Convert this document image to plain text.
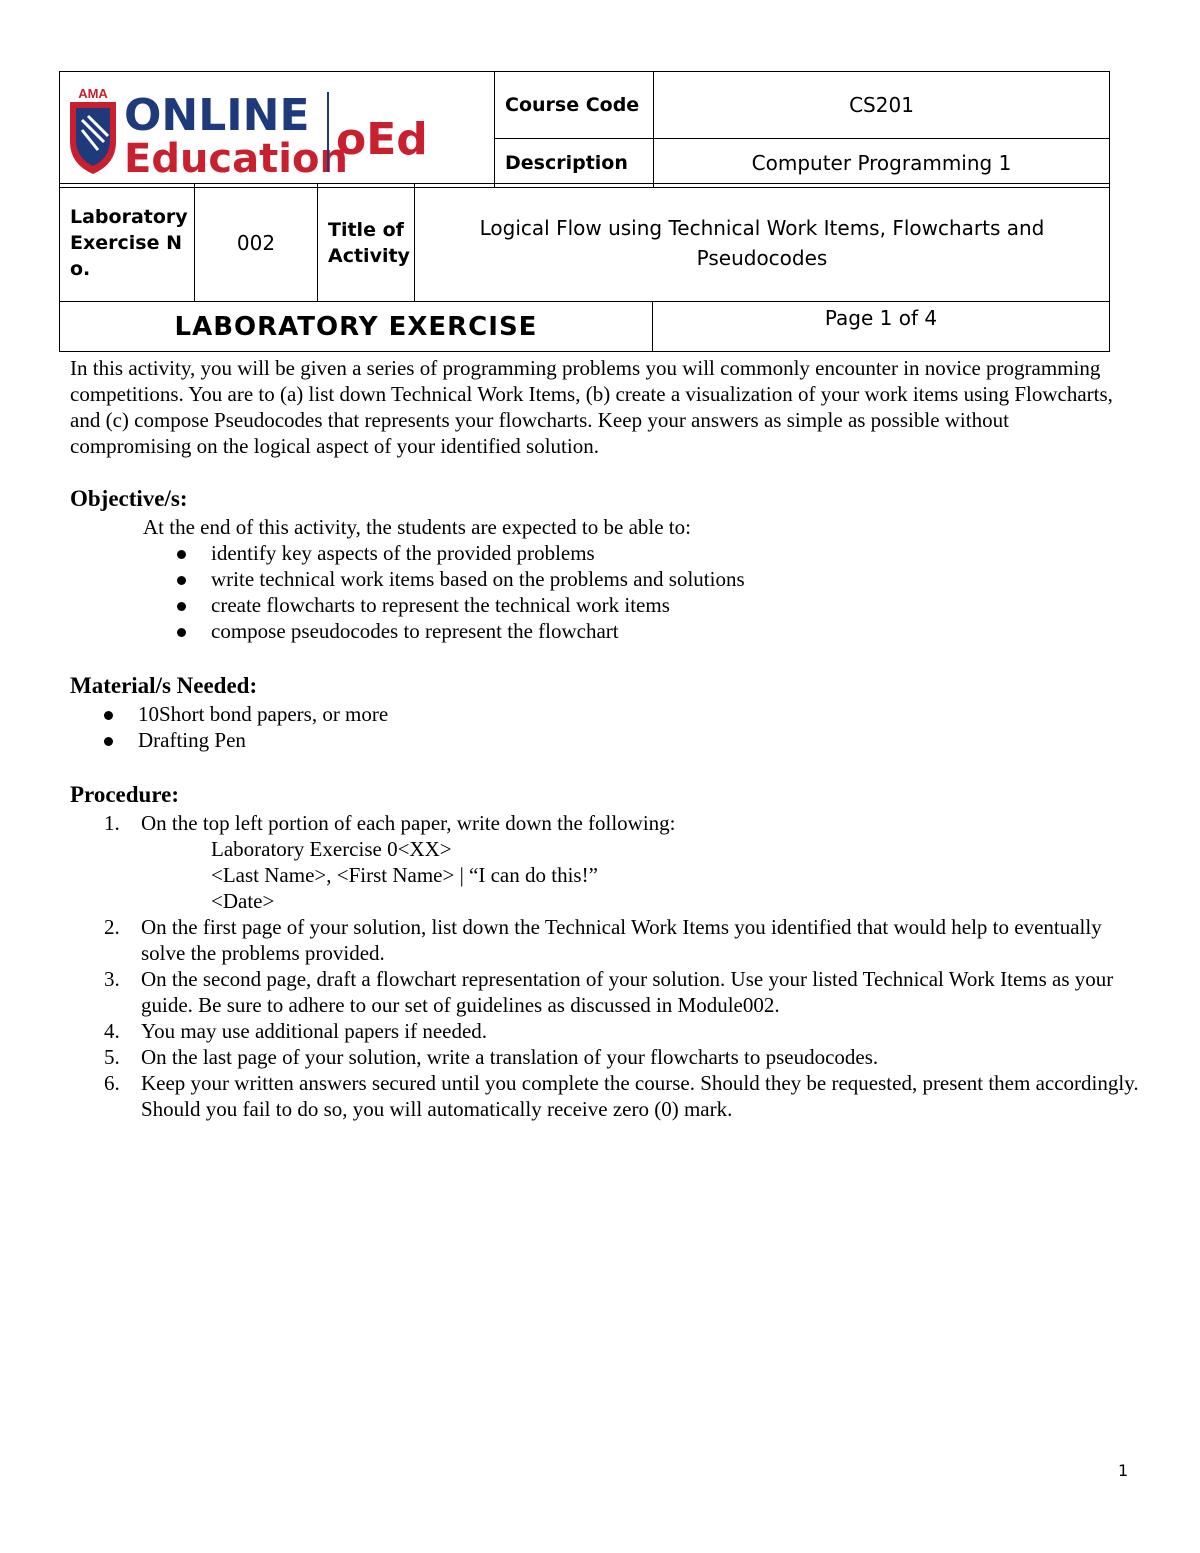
AMA ONLINE
Education
oEd	Course Code	CS201
	Description	Computer Programming 1
Laboratory Exercise No.	002	Title of Activity	Logical Flow using Technical Work Items, Flowcharts and Pseudocodes
LABORATORY EXERCISE	Page 1 of 4
In this activity, you will be given a series of programming problems you will commonly encounter in novice programming competitions. You are to (a) list down Technical Work Items, (b) create a visualization of your work items using Flowcharts, and (c) compose Pseudocodes that represents your flowcharts. Keep your answers as simple as possible without compromising on the logical aspect of your identified solution.
Objective/s:
At the end of this activity, the students are expected to be able to:
identify key aspects of the provided problems
write technical work items based on the problems and solutions
create flowcharts to represent the technical work items
compose pseudocodes to represent the flowchart
Material/s Needed:
10Short bond papers, or more
Drafting Pen
Procedure:
1. On the top left portion of each paper, write down the following:
Laboratory Exercise 0<XX>
<Last Name>, <First Name> | “I can do this!”
<Date>
2. On the first page of your solution, list down the Technical Work Items you identified that would help to eventually solve the problems provided.
3. On the second page, draft a flowchart representation of your solution. Use your listed Technical Work Items as your guide. Be sure to adhere to our set of guidelines as discussed in Module002.
4. You may use additional papers if needed.
5. On the last page of your solution, write a translation of your flowcharts to pseudocodes.
6. Keep your written answers secured until you complete the course. Should they be requested, present them accordingly. Should you fail to do so, you will automatically receive zero (0) mark.
1
